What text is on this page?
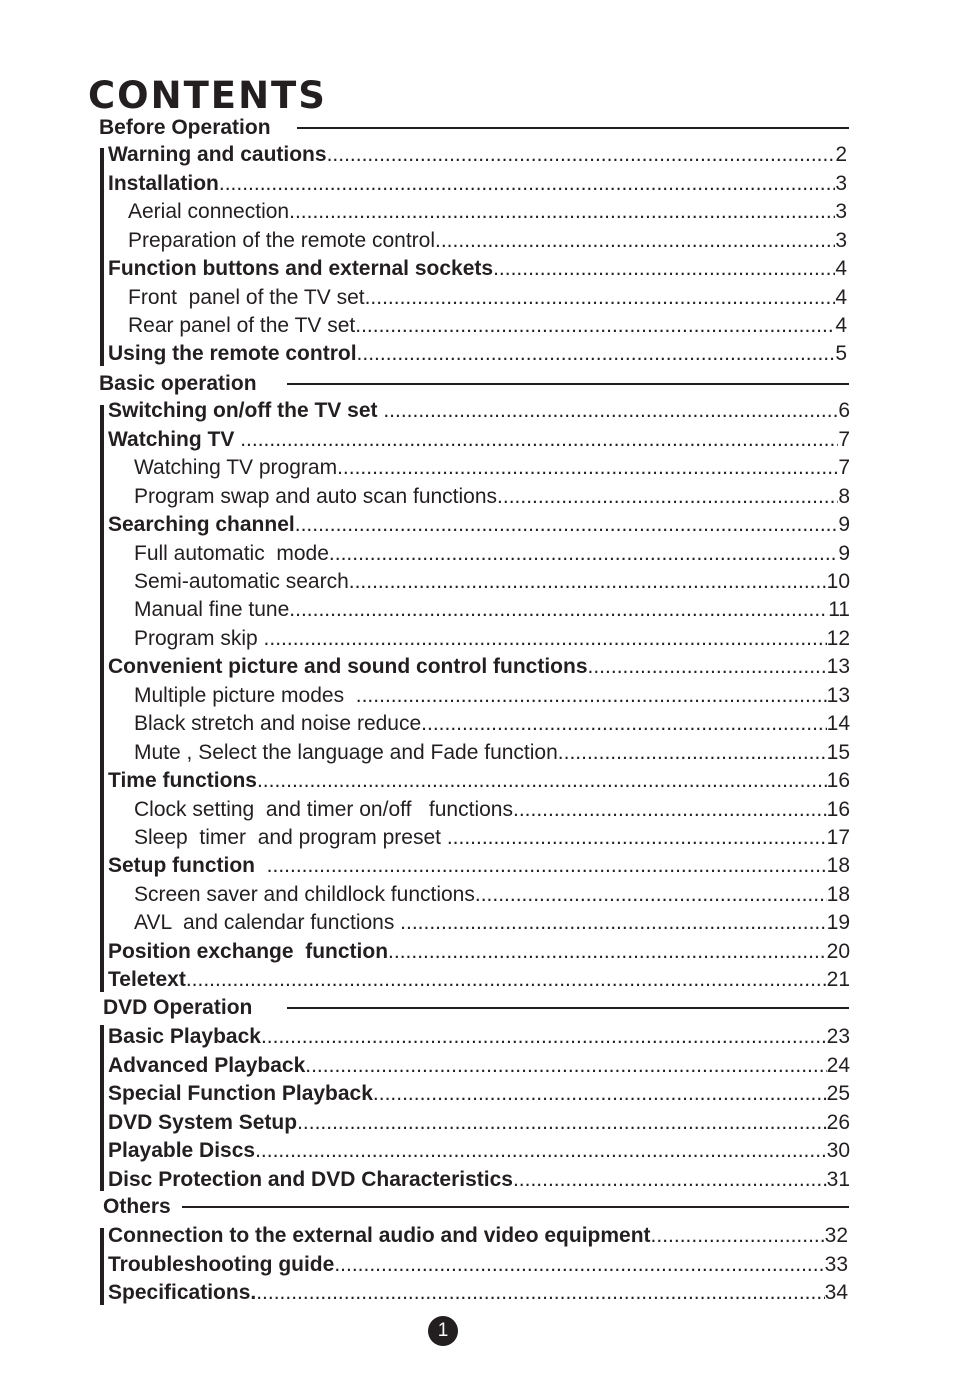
CONTENTS
Before Operation
Warning and cautions .....	2
Installation .....	3
Aerial connection .....	3
Preparation of the remote control .....	3
Function buttons and external sockets .....	4
Front  panel of the TV set .....	4
Rear panel of the TV set .....	4
Using the remote control .....	5
Basic operation
Switching on/off the TV set .....	6
Watching TV .....	7
Watching TV program .....	7
Program swap and auto scan functions .....	8
Searching channel .....	9
Full automatic  mode .....	9
Semi-automatic search .....	10
Manual fine tune .....	11
Program skip .....	12
Convenient picture and sound control functions .....	13
Multiple picture modes .....	13
Black stretch and noise reduce .....	14
Mute , Select the language and Fade function .....	15
Time functions .....	16
Clock setting  and timer on/off   functions .....	16
Sleep  timer  and program preset .....	17
Setup function .....	18
Screen saver and childlock functions .....	18
AVL  and calendar functions .....	19
Position exchange  function .....	20
Teletext .....	21
DVD Operation
Basic Playback .....	23
Advanced Playback .....	24
Special Function Playback .....	25
DVD System Setup .....	26
Playable Discs .....	30
Disc Protection and DVD Characteristics .....	31
Others
Connection to the external audio and video equipment .....	32
Troubleshooting guide .....	33
Specifications. .....	34
1
